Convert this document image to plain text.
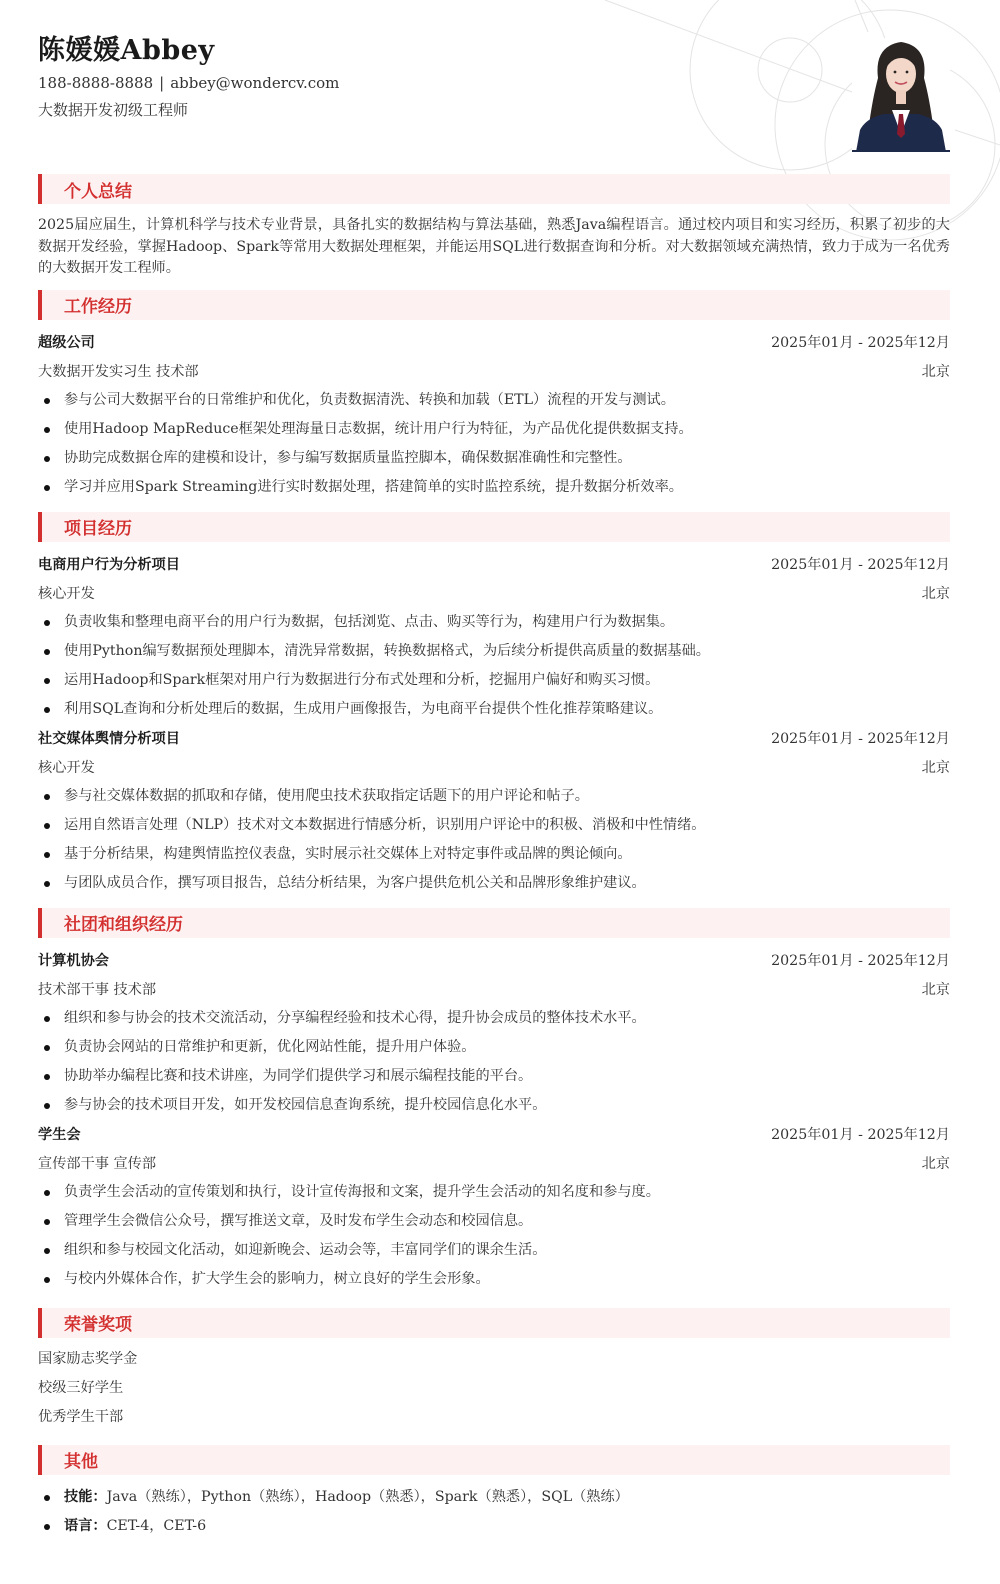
陈媛媛Abbey
188-8888-8888 | abbey@wondercv.com
大数据开发初级工程师
个人总结

2025届应届生，计算机科学与技术专业背景，具备扎实的数据结构与算法基础，熟悉Java编程语言。通过校内项目和实习经历，积累了初步的大数据开发经验，掌握Hadoop、Spark等常用大数据处理框架，并能运用SQL进行数据查询和分析。对大数据领域充满热情，致力于成为一名优秀的大数据开发工程师。

工作经历
超级公司	2025年01月 - 2025年12月
大数据开发实习生 技术部	北京
参与公司大数据平台的日常维护和优化，负责数据清洗、转换和加载（ETL）流程的开发与测试。
使用Hadoop MapReduce框架处理海量日志数据，统计用户行为特征，为产品优化提供数据支持。
协助完成数据仓库的建模和设计，参与编写数据质量监控脚本，确保数据准确性和完整性。
学习并应用Spark Streaming进行实时数据处理，搭建简单的实时监控系统，提升数据分析效率。
项目经历
电商用户行为分析项目	2025年01月 - 2025年12月
核心开发	北京
负责收集和整理电商平台的用户行为数据，包括浏览、点击、购买等行为，构建用户行为数据集。
使用Python编写数据预处理脚本，清洗异常数据，转换数据格式，为后续分析提供高质量的数据基础。
运用Hadoop和Spark框架对用户行为数据进行分布式处理和分析，挖掘用户偏好和购买习惯。
利用SQL查询和分析处理后的数据，生成用户画像报告，为电商平台提供个性化推荐策略建议。
社交媒体舆情分析项目	2025年01月 - 2025年12月
核心开发	北京
参与社交媒体数据的抓取和存储，使用爬虫技术获取指定话题下的用户评论和帖子。
运用自然语言处理（NLP）技术对文本数据进行情感分析，识别用户评论中的积极、消极和中性情绪。
基于分析结果，构建舆情监控仪表盘，实时展示社交媒体上对特定事件或品牌的舆论倾向。
与团队成员合作，撰写项目报告，总结分析结果，为客户提供危机公关和品牌形象维护建议。
社团和组织经历
计算机协会	2025年01月 - 2025年12月
技术部干事 技术部	北京
组织和参与协会的技术交流活动，分享编程经验和技术心得，提升协会成员的整体技术水平。
负责协会网站的日常维护和更新，优化网站性能，提升用户体验。
协助举办编程比赛和技术讲座，为同学们提供学习和展示编程技能的平台。
参与协会的技术项目开发，如开发校园信息查询系统，提升校园信息化水平。
学生会	2025年01月 - 2025年12月
宣传部干事 宣传部	北京
负责学生会活动的宣传策划和执行，设计宣传海报和文案，提升学生会活动的知名度和参与度。
管理学生会微信公众号，撰写推送文章，及时发布学生会动态和校园信息。
组织和参与校园文化活动，如迎新晚会、运动会等，丰富同学们的课余生活。
与校内外媒体合作，扩大学生会的影响力，树立良好的学生会形象。
荣誉奖项
国家励志奖学金
校级三好学生
优秀学生干部
其他
技能：Java（熟练），Python（熟练），Hadoop（熟悉），Spark（熟悉），SQL（熟练）
语言：CET-4，CET-6
